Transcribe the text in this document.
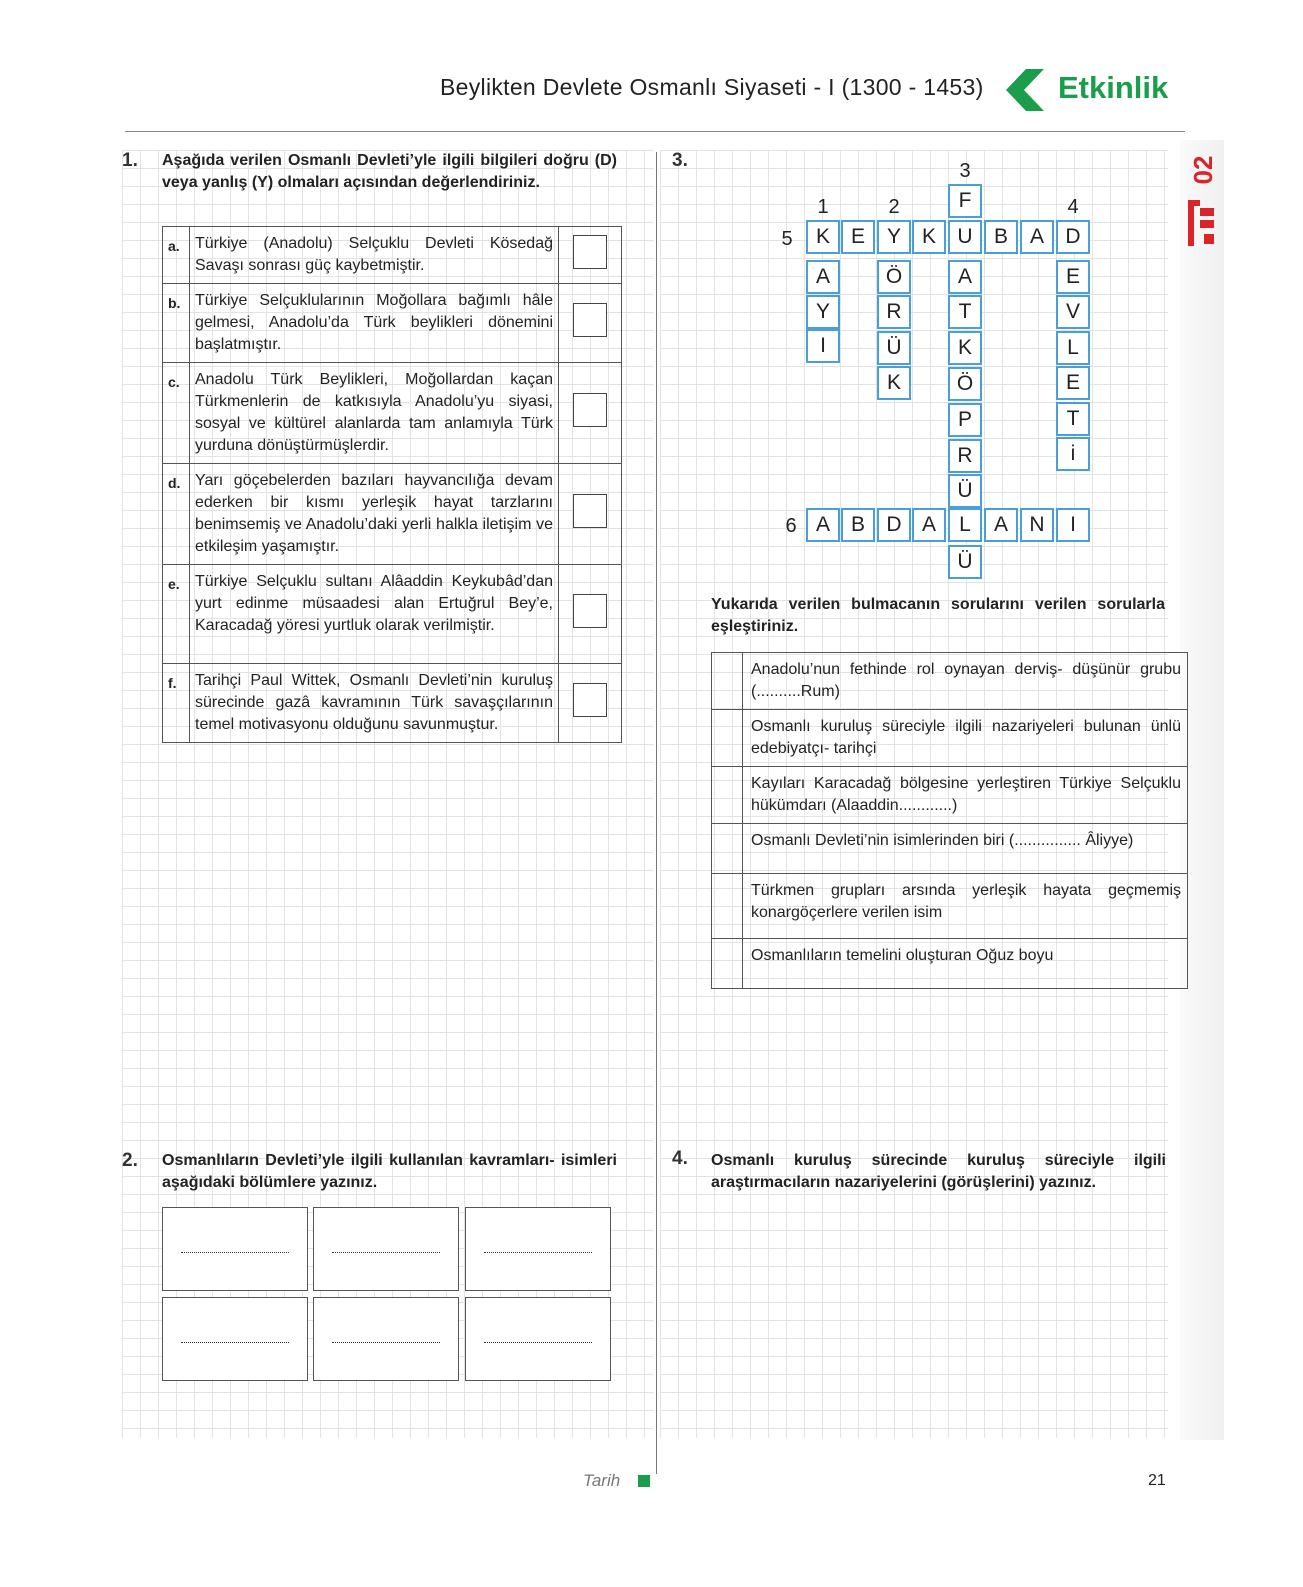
Beylikten Devlete Osmanlı Siyaseti - I (1300 - 1453) Etkinlik
02
1. Aşağıda verilen Osmanlı Devleti’yle ilgili bilgileri doğru (D) veya yanlış (Y) olmaları açısından değerlendiriniz.
a.	Türkiye (Anadolu) Selçuklu Devleti Kösedağ Savaşı sonrası güç kaybetmiştir.	
b.	Türkiye Selçuklularının Moğollara bağımlı hâle gelmesi, Anadolu’da Türk beylikleri dönemini başlatmıştır.	
c.	Anadolu Türk Beylikleri, Moğollardan kaçan Türkmenlerin de katkısıyla Anadolu’yu siyasi, sosyal ve kültürel alanlarda tam anlamıyla Türk yurduna dönüştürmüşlerdir.	
d.	Yarı göçebelerden bazıları hayvancılığa devam ederken bir kısmı yerleşik hayat tarzlarını benimsemiş ve Anadolu’daki yerli halkla iletişim ve etkileşim yaşamıştır.	
e.	Türkiye Selçuklu sultanı Alâaddin Keykubâd’dan yurt edinme müsaadesi alan Ertuğrul Bey’e, Karacadağ yöresi yurtluk olarak verilmiştir.	
f.	Tarihçi Paul Wittek, Osmanlı Devleti’nin kuruluş sürecinde gazâ kavramının Türk savaşçılarının temel motivasyonu olduğunu savunmuştur.	
2. Osmanlıların Devleti’yle ilgili kullanılan kavramları- isimleri aşağıdaki bölümlere yazınız.
3.
1	2
3
4
5
6
K E	Y K	U	B	A	D
A
Y
I
Ö
R
Ü
K
F
A
T
K
Ö
P
R
Ü
Ü
E
V
L
E
T
i
A B	D A	L	A	N	I
Yukarıda verilen bulmacanın sorularını verilen sorularla eşleştiriniz.
	Anadolu’nun fethinde rol oynayan derviş- düşünür grubu (..........Rum)
	Osmanlı kuruluş süreciyle ilgili nazariyeleri bulunan ünlü edebiyatçı- tarihçi
	Kayıları Karacadağ bölgesine yerleştiren Türkiye Selçuklu hükümdarı (Alaaddin............)
	Osmanlı Devleti’nin isimlerinden biri (............... Âliyye)
	Türkmen grupları arsında yerleşik hayata geçmemiş konargöçerlere verilen isim
	Osmanlıların temelini oluşturan Oğuz boyu
4. Osmanlı kuruluş sürecinde kuruluş süreciyle ilgili araştırmacıların nazariyelerini (görüşlerini) yazınız.
Tarih	21
